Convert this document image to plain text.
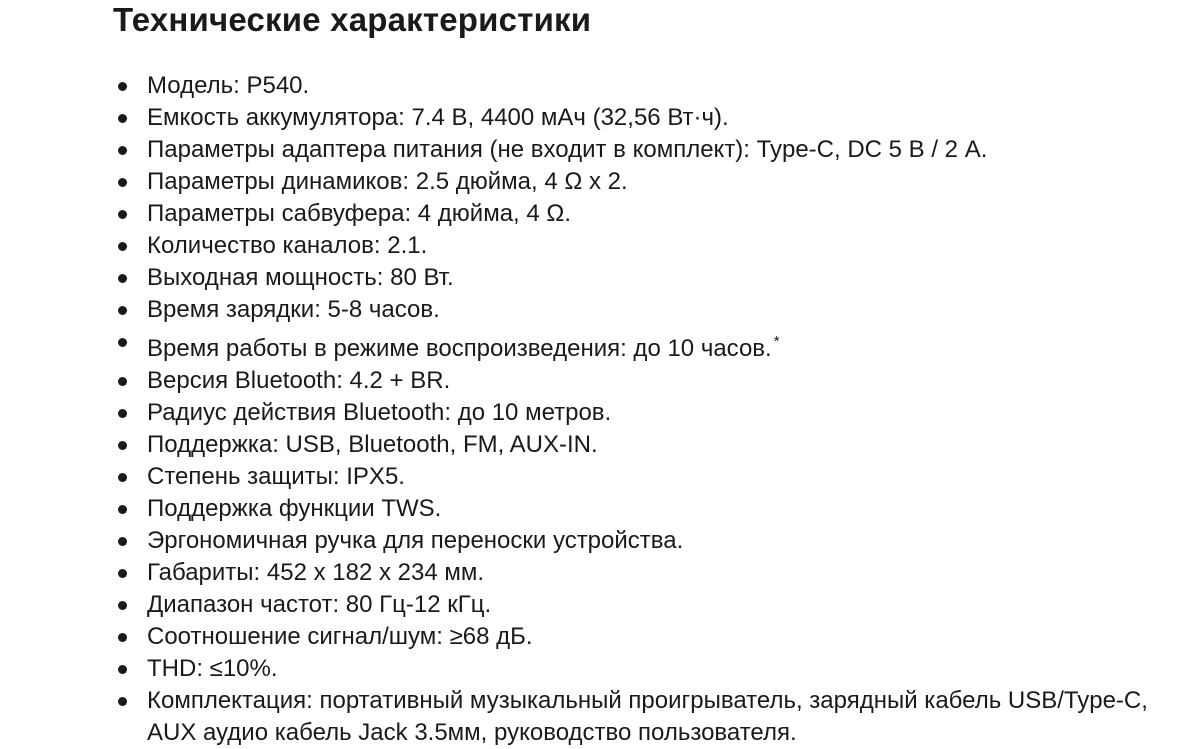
Технические характеристики
Модель: P540.
Емкость аккумулятора: 7.4 В, 4400 мАч (32,56 Вт·ч).
Параметры адаптера питания (не входит в комплект): Type-C, DC 5 В / 2 А.
Параметры динамиков: 2.5 дюйма, 4 Ω x 2.
Параметры сабвуфера: 4 дюйма, 4 Ω.
Количество каналов: 2.1.
Выходная мощность: 80 Вт.
Время зарядки: 5-8 часов.
Время работы в режиме воспроизведения: до 10 часов. *
Версия Bluetooth: 4.2 + BR.
Радиус действия Bluetooth: до 10 метров.
Поддержка: USB, Bluetooth, FM, AUX-IN.
Степень защиты: IPX5.
Поддержка функции TWS.
Эргономичная ручка для переноски устройства.
Габариты: 452 x 182 x 234 мм.
Диапазон частот: 80 Гц-12 кГц.
Соотношение сигнал/шум: ≥68 дБ.
THD: ≤10%.
Комплектация: портативный музыкальный проигрыватель, зарядный кабель USB/Type-C, AUX аудио кабель Jack 3.5мм, руководство пользователя.
